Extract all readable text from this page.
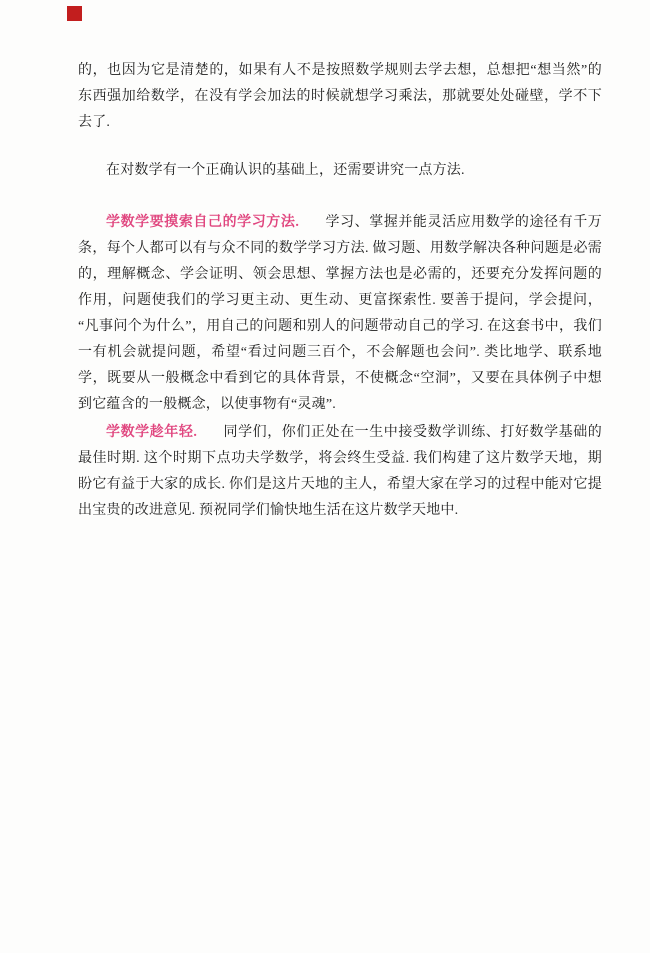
的，也因为它是清楚的，如果有人不是按照数学规则去学去想，总想把“想当然”的东西强加给数学，在没有学会加法的时候就想学习乘法，那就要处处碰壁，学不下去了.

在对数学有一个正确认识的基础上，还需要讲究一点方法.

学数学要摸索自己的学习方法. 学习、掌握并能灵活应用数学的途径有千万条，每个人都可以有与众不同的数学学习方法. 做习题、用数学解决各种问题是必需的，理解概念、学会证明、领会思想、掌握方法也是必需的，还要充分发挥问题的作用，问题使我们的学习更主动、更生动、更富探索性. 要善于提问，学会提问，“凡事问个为什么”，用自己的问题和别人的问题带动自己的学习. 在这套书中，我们一有机会就提问题，希望“看过问题三百个，不会解题也会问”. 类比地学、联系地学，既要从一般概念中看到它的具体背景，不使概念“空洞”，又要在具体例子中想到它蕴含的一般概念，以使事物有“灵魂”.

学数学趁年轻. 同学们，你们正处在一生中接受数学训练、打好数学基础的最佳时期. 这个时期下点功夫学数学，将会终生受益. 我们构建了这片数学天地，期盼它有益于大家的成长. 你们是这片天地的主人，希望大家在学习的过程中能对它提出宝贵的改进意见. 预祝同学们愉快地生活在这片数学天地中.
